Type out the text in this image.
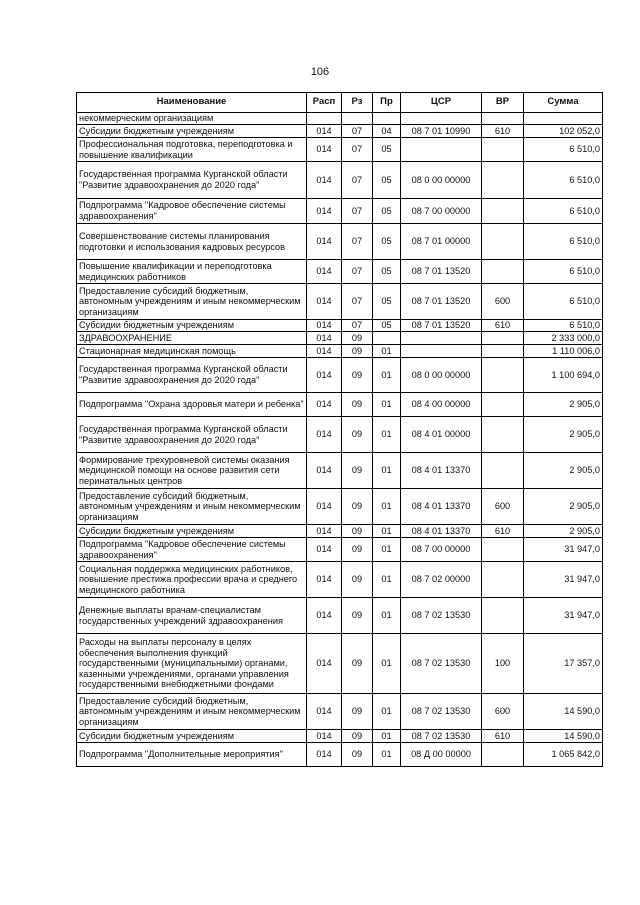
106
Наименование	Расп	Рз	Пр	ЦСР	ВР	Сумма
некоммерческим организациям						
Субсидии бюджетным учреждениям	014	07	04	08 7 01 10990	610	102 052,0
Профессиональная подготовка, переподготовка и повышение квалификации	014	07	05			6 510,0
Государственная программа Курганской области "Развитие здравоохранения до 2020 года"	014	07	05	08 0 00 00000		6 510,0
Подпрограмма "Кадровое обеспечение системы здравоохранения"	014	07	05	08 7 00 00000		6 510,0
Совершенствование системы планирования подготовки и использования кадровых ресурсов	014	07	05	08 7 01 00000		6 510,0
Повышение квалификации и переподготовка медицинских работников	014	07	05	08 7 01 13520		6 510,0
Предоставление субсидий бюджетным, автономным учреждениям и иным некоммерческим организациям	014	07	05	08 7 01 13520	600	6 510,0
Субсидии бюджетным учреждениям	014	07	05	08 7 01 13520	610	6 510,0
ЗДРАВООХРАНЕНИЕ	014	09				2 333 000,0
Стационарная медицинская помощь	014	09	01			1 110 006,0
Государственная программа Курганской области "Развитие здравоохранения до 2020 года"	014	09	01	08 0 00 00000		1 100 694,0
Подпрограмма "Охрана здоровья матери и ребенка"	014	09	01	08 4 00 00000		2 905,0
Государственная программа Курганской области "Развитие здравоохранения до 2020 года"	014	09	01	08 4 01 00000		2 905,0
Формирование трехуровневой системы оказания медицинской помощи на основе развития сети перинатальных центров	014	09	01	08 4 01 13370		2 905,0
Предоставление субсидий бюджетным, автономным учреждениям и иным некоммерческим организациям	014	09	01	08 4 01 13370	600	2 905,0
Субсидии бюджетным учреждениям	014	09	01	08 4 01 13370	610	2 905,0
Подпрограмма "Кадровое обеспечение системы здравоохранения"	014	09	01	08 7 00 00000		31 947,0
Социальная поддержка медицинских работников, повышение престижа профессии врача и среднего медицинского работника	014	09	01	08 7 02 00000		31 947,0
Денежные выплаты врачам-специалистам государственных учреждений здравоохранения	014	09	01	08 7 02 13530		31 947,0
Расходы на выплаты персоналу в целях обеспечения выполнения функций государственными (муниципальными) органами, казенными учреждениями, органами управления государственными внебюджетными фондами	014	09	01	08 7 02 13530	100	17 357,0
Предоставление субсидий бюджетным, автономным учреждениям и иным некоммерческим организациям	014	09	01	08 7 02 13530	600	14 590,0
Субсидии бюджетным учреждениям	014	09	01	08 7 02 13530	610	14 590,0
Подпрограмма "Дополнительные мероприятия"	014	09	01	08 Д 00 00000		1 065 842,0
